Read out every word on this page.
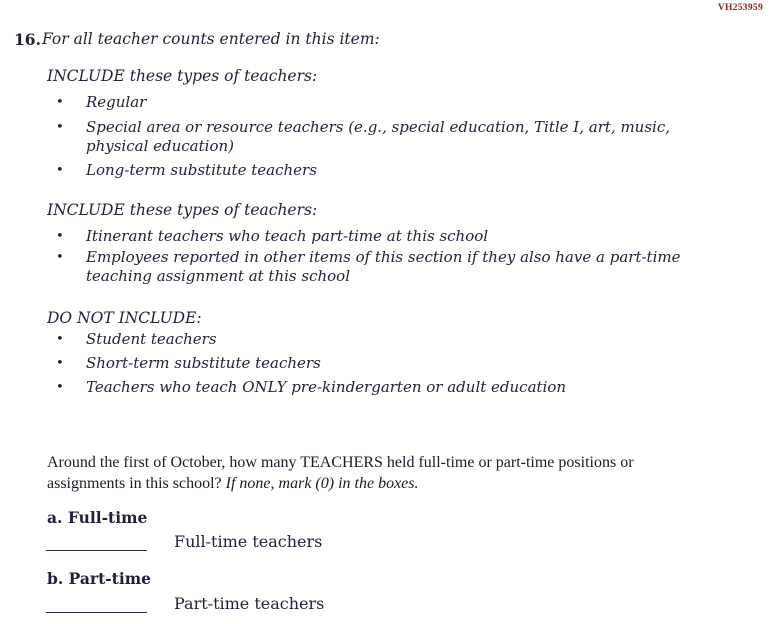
VH253959
16. For all teacher counts entered in this item:
INCLUDE these types of teachers:
•	Regular
•	Special area or resource teachers (e.g., special education, Title I, art, music, physical education)
•	Long-term substitute teachers
INCLUDE these types of teachers:
•	Itinerant teachers who teach part-time at this school
•	Employees reported in other items of this section if they also have a part-time teaching assignment at this school
DO NOT INCLUDE:
•	Student teachers
•	Short-term substitute teachers
•	Teachers who teach ONLY pre-kindergarten or adult education
Around the first of October, how many TEACHERS held full-time or part-time positions or assignments in this school? If none, mark (0) in the boxes.
a. Full-time
Full-time teachers
b. Part-time
Part-time teachers
